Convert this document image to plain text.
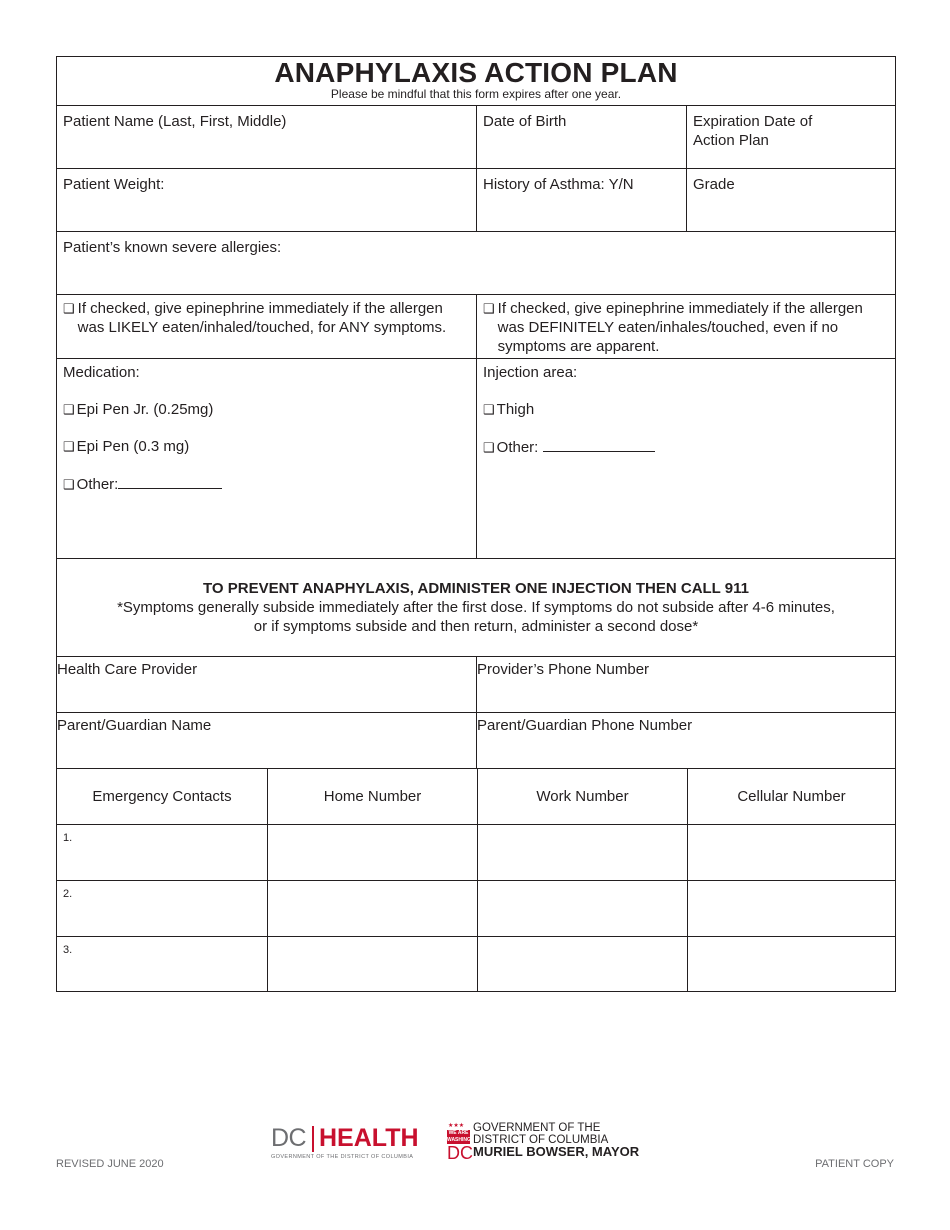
ANAPHYLAXIS ACTION PLAN
Please be mindful that this form expires after one year.
Patient Name (Last, First, Middle)	Date of Birth	Expiration Date of
Action Plan
Patient Weight:	History of Asthma: Y/N	Grade
Patient’s known severe allergies:
❑ If checked, give epinephrine immediately if the allergen was LIKELY eaten/inhaled/touched, for ANY symptoms.
❑ If checked, give epinephrine immediately if the allergen was DEFINITELY eaten/inhales/touched, even if no symptoms are apparent.
Medication:
❑ Epi Pen Jr. (0.25mg)
❑ Epi Pen (0.3 mg)
❑ Other:
Injection area:
❑ Thigh
❑ Other:
TO PREVENT ANAPHYLAXIS, ADMINISTER ONE INJECTION THEN CALL 911
*Symptoms generally subside immediately after the first dose. If symptoms do not subside after 4-6 minutes,
or if symptoms subside and then return, administer a second dose*
Health Care Provider	Provider’s Phone Number
Parent/Guardian Name	Parent/Guardian Phone Number
Emergency Contacts	Home Number	Work Number	Cellular Number
1.
2.
3.
REVISED JUNE 2020	PATIENT COPY
DC HEALTH
GOVERNMENT OF THE DISTRICT OF COLUMBIA
★★★
WE ARE WASHINGTON
DC
GOVERNMENT OF THE
DISTRICT OF COLUMBIA
MURIEL BOWSER, MAYOR
